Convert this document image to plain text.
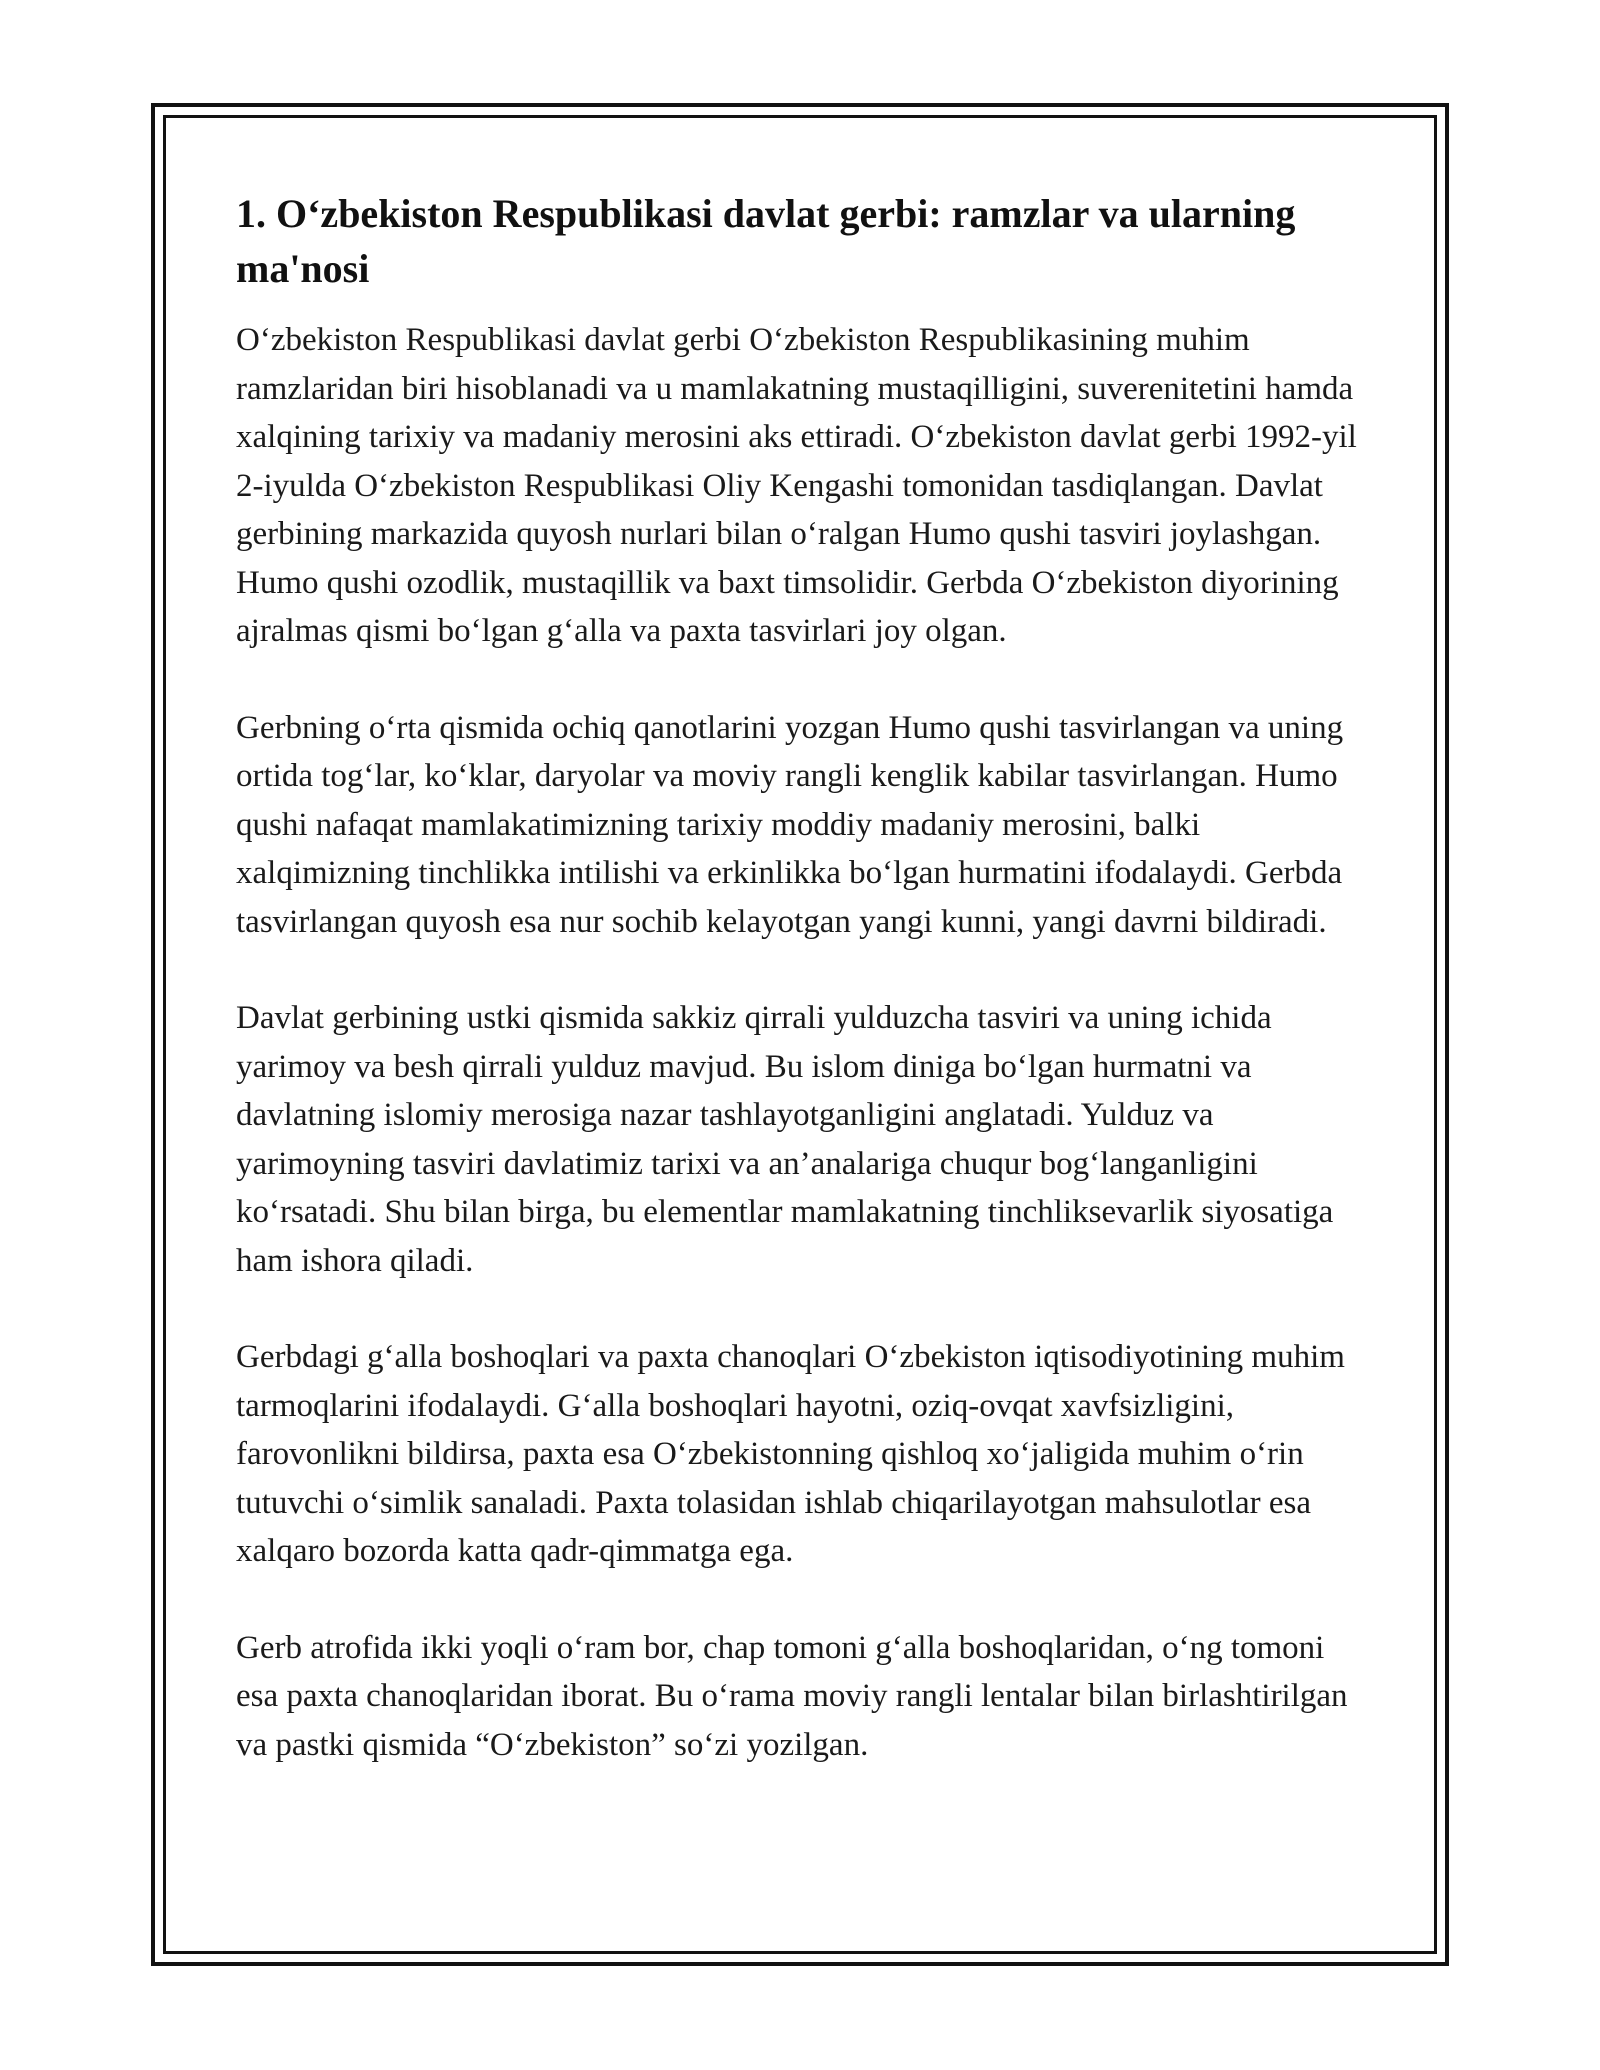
1. O‘zbekiston Respublikasi davlat gerbi: ramzlar va ularning ma'nosi

O‘zbekiston Respublikasi davlat gerbi O‘zbekiston Respublikasining muhim ramzlaridan biri hisoblanadi va u mamlakatning mustaqilligini, suverenitetini hamda xalqining tarixiy va madaniy merosini aks ettiradi. O‘zbekiston davlat gerbi 1992-yil 2-iyulda O‘zbekiston Respublikasi Oliy Kengashi tomonidan tasdiqlangan. Davlat gerbining markazida quyosh nurlari bilan o‘ralgan Humo qushi tasviri joylashgan. Humo qushi ozodlik, mustaqillik va baxt timsolidir. Gerbda O‘zbekiston diyorining ajralmas qismi bo‘lgan g‘alla va paxta tasvirlari joy olgan.

Gerbning o‘rta qismida ochiq qanotlarini yozgan Humo qushi tasvirlangan va uning ortida tog‘lar, ko‘klar, daryolar va moviy rangli kenglik kabilar tasvirlangan. Humo qushi nafaqat mamlakatimizning tarixiy moddiy madaniy merosini, balki xalqimizning tinchlikka intilishi va erkinlikka bo‘lgan hurmatini ifodalaydi. Gerbda tasvirlangan quyosh esa nur sochib kelayotgan yangi kunni, yangi davrni bildiradi.

Davlat gerbining ustki qismida sakkiz qirrali yulduzcha tasviri va uning ichida yarimoy va besh qirrali yulduz mavjud. Bu islom diniga bo‘lgan hurmatni va davlatning islomiy merosiga nazar tashlayotganligini anglatadi. Yulduz va yarimoyning tasviri davlatimiz tarixi va an’analariga chuqur bog‘langanligini ko‘rsatadi. Shu bilan birga, bu elementlar mamlakatning tinchliksevarlik siyosatiga ham ishora qiladi.

Gerbdagi g‘alla boshoqlari va paxta chanoqlari O‘zbekiston iqtisodiyotining muhim tarmoqlarini ifodalaydi. G‘alla boshoqlari hayotni, oziq-ovqat xavfsizligini, farovonlikni bildirsa, paxta esa O‘zbekistonning qishloq xo‘jaligida muhim o‘rin tutuvchi o‘simlik sanaladi. Paxta tolasidan ishlab chiqarilayotgan mahsulotlar esa xalqaro bozorda katta qadr-qimmatga ega.

Gerb atrofida ikki yoqli o‘ram bor, chap tomoni g‘alla boshoqlaridan, o‘ng tomoni esa paxta chanoqlaridan iborat. Bu o‘rama moviy rangli lentalar bilan birlashtirilgan va pastki qismida “O‘zbekiston” so‘zi yozilgan.
